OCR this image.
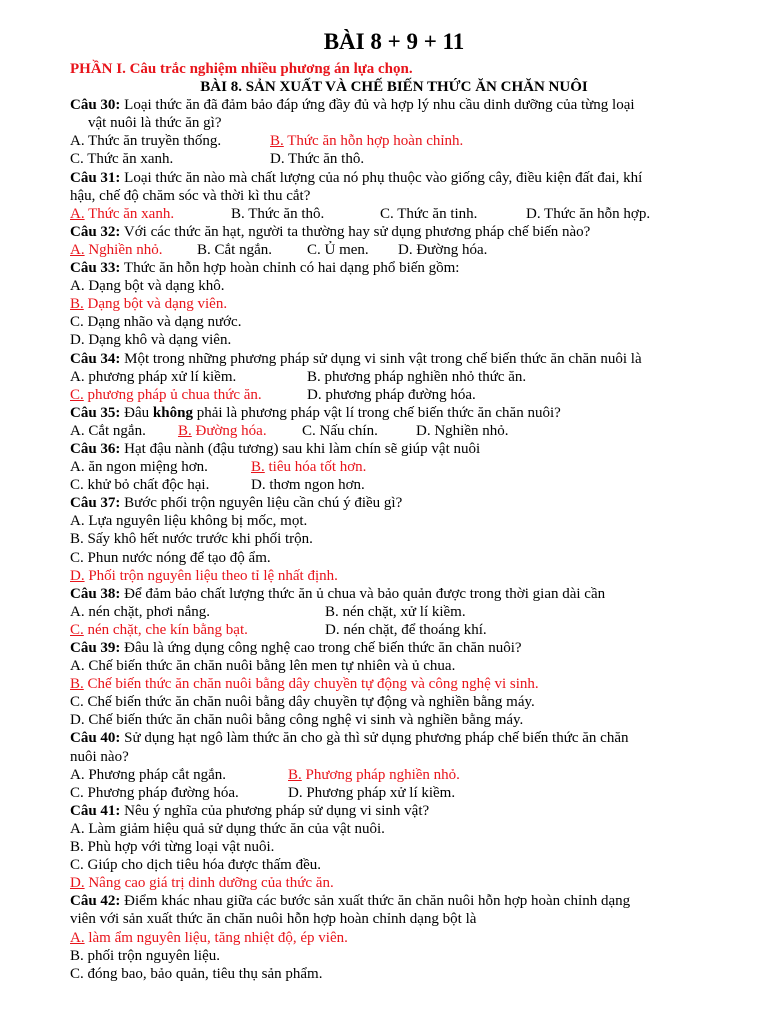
BÀI 8 + 9 + 11
PHẦN I. Câu trắc nghiệm nhiều phương án lựa chọn.
BÀI 8. SẢN XUẤT VÀ CHẾ BIẾN THỨC ĂN CHĂN NUÔI
Câu 30: Loại thức ăn đã đảm bảo đáp ứng đầy đủ và hợp lý nhu cầu dinh dưỡng của từng loại
vật nuôi là thức ăn gì?
A. Thức ăn truyền thống.	B. Thức ăn hỗn hợp hoàn chỉnh.
C. Thức ăn xanh.	D. Thức ăn thô.
Câu 31: Loại thức ăn nào mà chất lượng của nó phụ thuộc vào giống cây, điều kiện đất đai, khí
hậu, chế độ chăm sóc và thời kì thu cắt?
A. Thức ăn xanh.	B. Thức ăn thô.	C. Thức ăn tinh.	D. Thức ăn hỗn hợp.
Câu 32: Với các thức ăn hạt, người ta thường hay sử dụng phương pháp chế biến nào?
A. Nghiền nhỏ. B. Cắt ngắn. C. Ủ men. D. Đường hóa.
Câu 33: Thức ăn hỗn hợp hoàn chỉnh có hai dạng phổ biến gồm:
A. Dạng bột và dạng khô.
B. Dạng bột và dạng viên.
C. Dạng nhão và dạng nước.
D. Dạng khô và dạng viên.
Câu 34: Một trong những phương pháp sử dụng vi sinh vật trong chế biến thức ăn chăn nuôi là
A. phương pháp xử lí kiềm.	B. phương pháp nghiền nhỏ thức ăn.
C. phương pháp ủ chua thức ăn.	D. phương pháp đường hóa.
Câu 35: Đâu không phải là phương pháp vật lí trong chế biến thức ăn chăn nuôi?
A. Cắt ngắn. B. Đường hóa. C. Nấu chín.	D. Nghiền nhỏ.
Câu 36: Hạt đậu nành (đậu tương) sau khi làm chín sẽ giúp vật nuôi
A. ăn ngon miệng hơn.	B. tiêu hóa tốt hơn.
C. khử bỏ chất độc hại.	D. thơm ngon hơn.
Câu 37: Bước phối trộn nguyên liệu cần chú ý điều gì?
A. Lựa nguyên liệu không bị mốc, mọt.
B. Sấy khô hết nước trước khi phối trộn.
C. Phun nước nóng để tạo độ ẩm.
D. Phối trộn nguyên liệu theo tỉ lệ nhất định.
Câu 38: Để đảm bảo chất lượng thức ăn ủ chua và bảo quản được trong thời gian dài cần
A. nén chặt, phơi nắng.	B. nén chặt, xử lí kiềm.
C. nén chặt, che kín bằng bạt.	D. nén chặt, để thoáng khí.
Câu 39: Đâu là ứng dụng công nghệ cao trong chế biến thức ăn chăn nuôi?
A. Chế biến thức ăn chăn nuôi bằng lên men tự nhiên và ủ chua.
B. Chế biến thức ăn chăn nuôi bằng dây chuyền tự động và công nghệ vi sinh.
C. Chế biến thức ăn chăn nuôi bằng dây chuyền tự động và nghiền bằng máy.
D. Chế biến thức ăn chăn nuôi bằng công nghệ vi sinh và nghiền bằng máy.
Câu 40: Sử dụng hạt ngô làm thức ăn cho gà thì sử dụng phương pháp chế biến thức ăn chăn
nuôi nào?
A. Phương pháp cắt ngắn.	B. Phương pháp nghiền nhỏ.
C. Phương pháp đường hóa.	D. Phương pháp xử lí kiềm.
Câu 41: Nêu ý nghĩa của phương pháp sử dụng vi sinh vật?
A. Làm giảm hiệu quả sử dụng thức ăn của vật nuôi.
B. Phù hợp với từng loại vật nuôi.
C. Giúp cho dịch tiêu hóa được thấm đều.
D. Nâng cao giá trị dinh dưỡng của thức ăn.
Câu 42: Điểm khác nhau giữa các bước sản xuất thức ăn chăn nuôi hỗn hợp hoàn chỉnh dạng
viên với sản xuất thức ăn chăn nuôi hỗn hợp hoàn chỉnh dạng bột là
A. làm ẩm nguyên liệu, tăng nhiệt độ, ép viên.
B. phối trộn nguyên liệu.
C. đóng bao, bảo quản, tiêu thụ sản phẩm.
